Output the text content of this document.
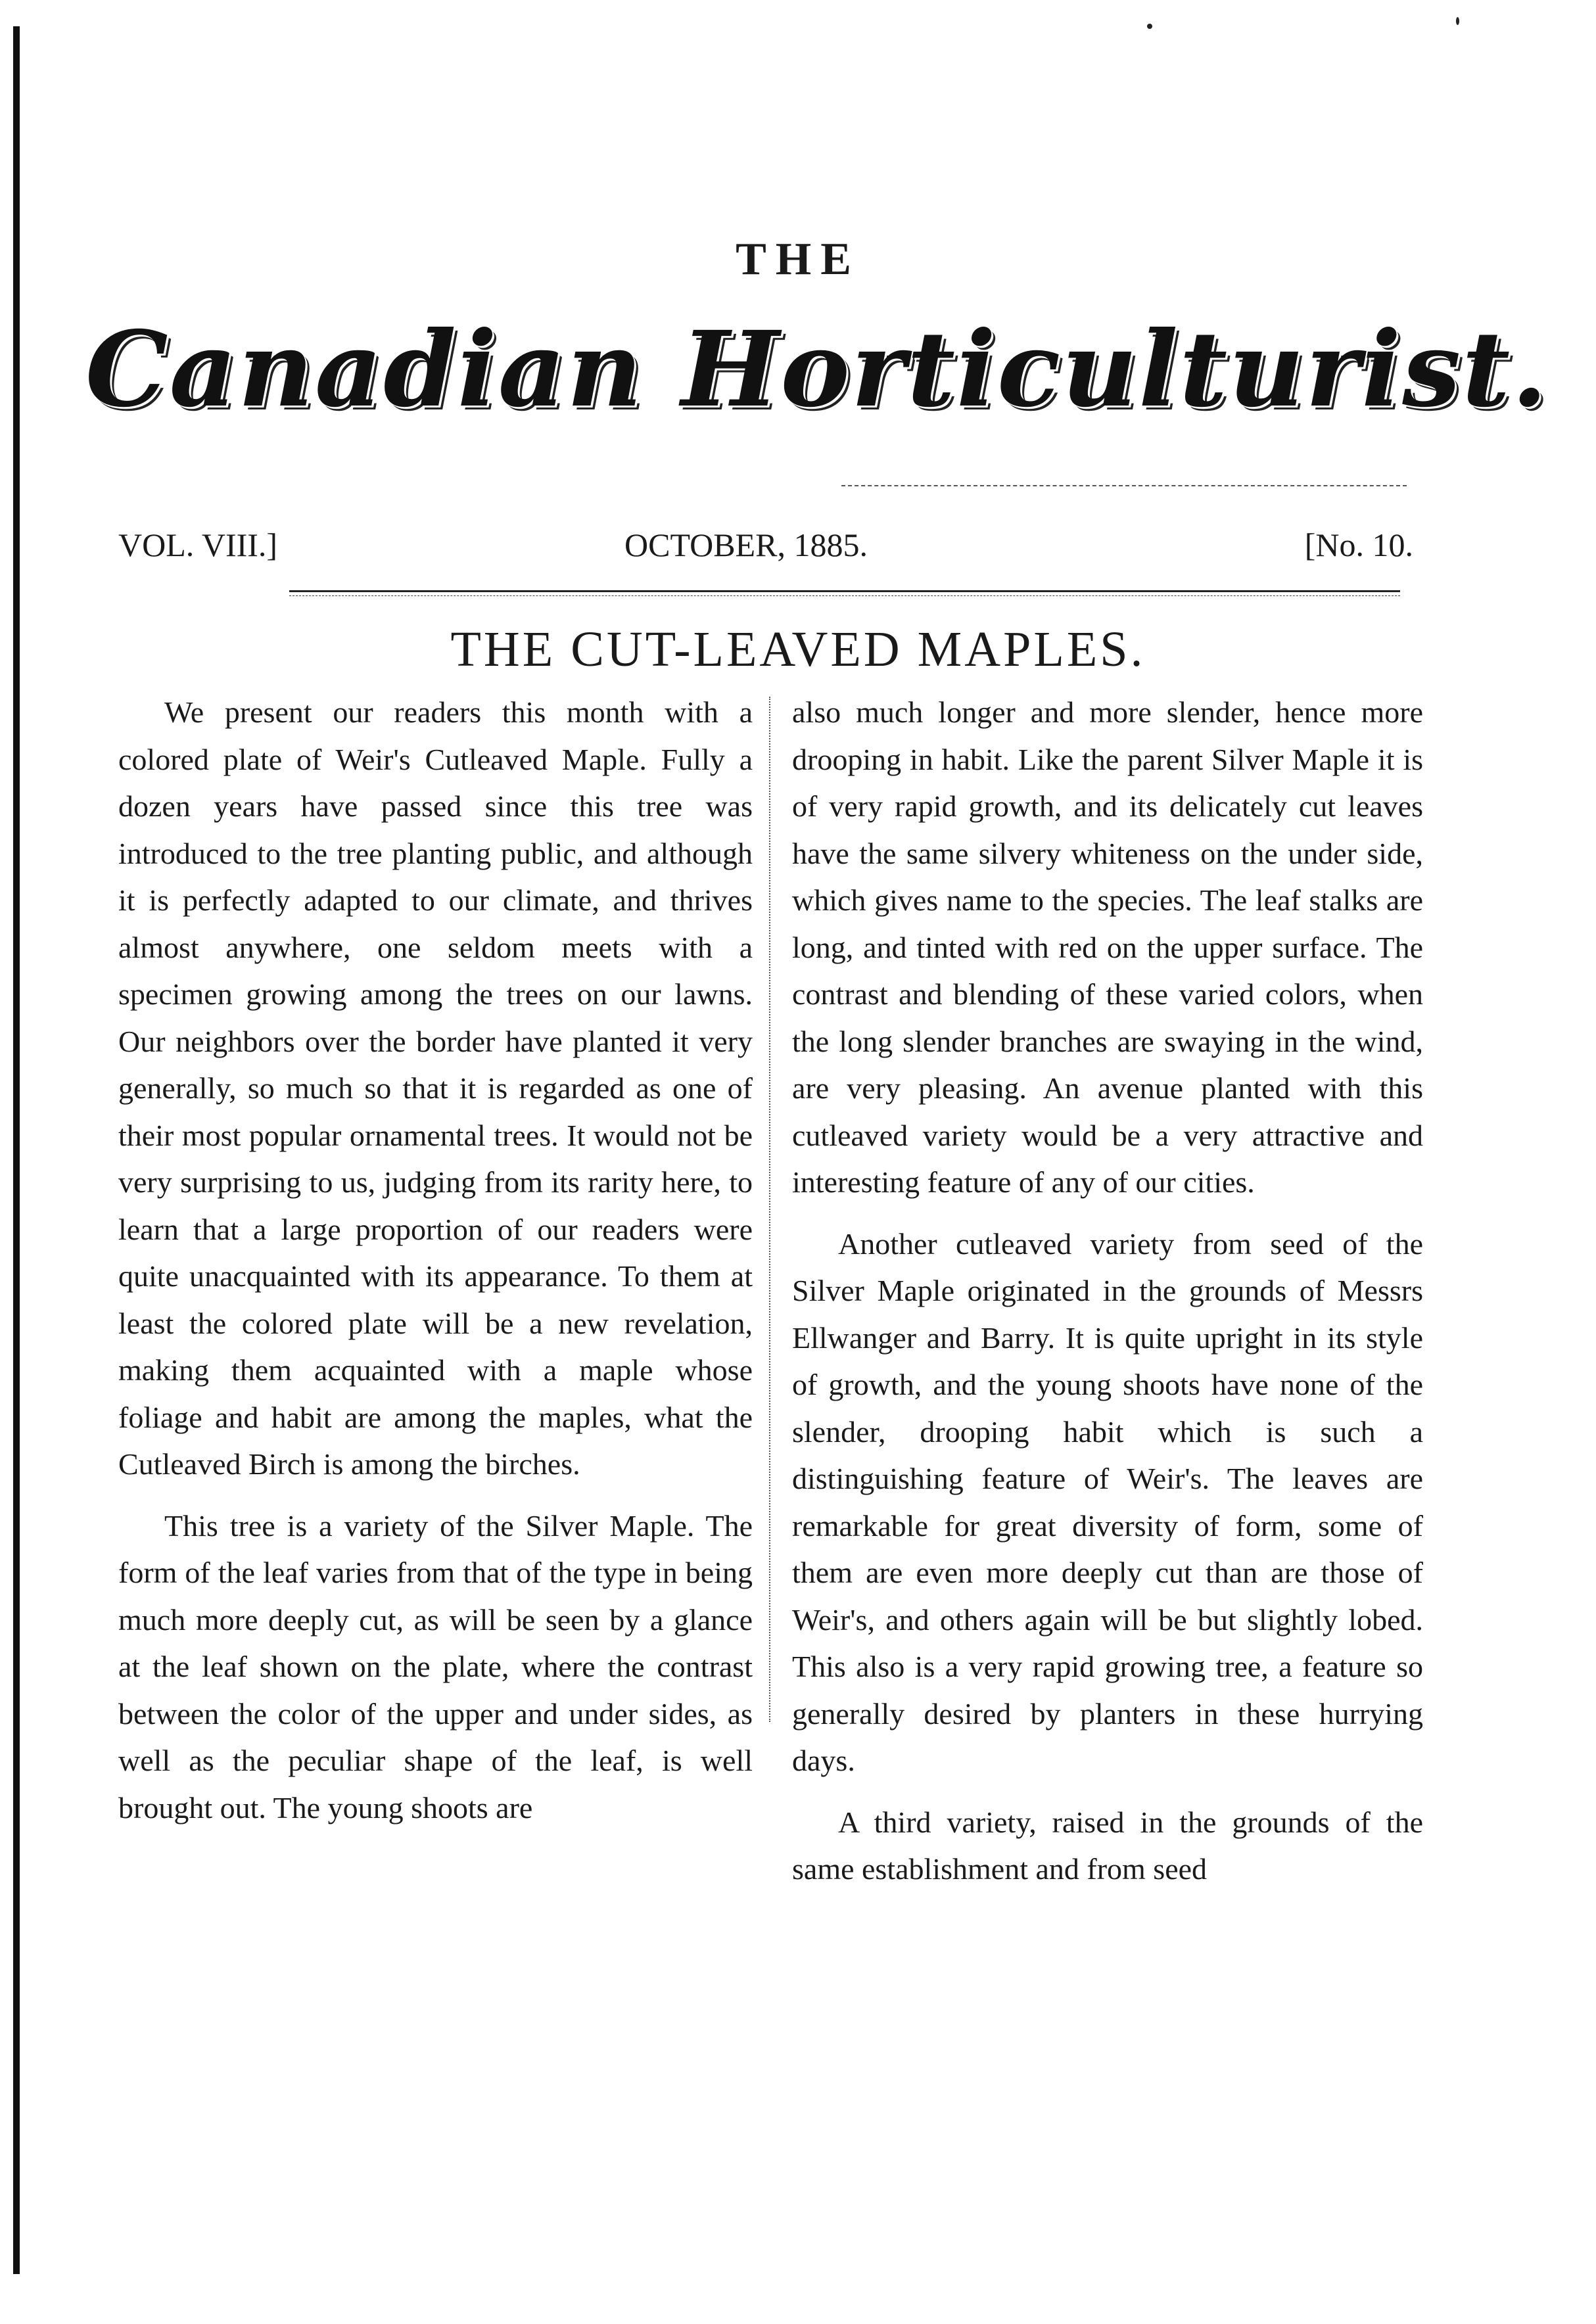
THE
Canadian Horticulturist.
VOL. VIII.]	OCTOBER, 1885.	[No. 10.
THE CUT-LEAVED MAPLES.

We present our readers this month with a colored plate of Weir's Cutleaved Maple. Fully a dozen years have passed since this tree was introduced to the tree planting public, and although it is perfectly adapted to our climate, and thrives almost anywhere, one seldom meets with a specimen growing among the trees on our lawns. Our neighbors over the border have planted it very generally, so much so that it is regarded as one of their most popular ornamental trees. It would not be very surprising to us, judging from its rarity here, to learn that a large proportion of our readers were quite unacquainted with its appearance. To them at least the colored plate will be a new revelation, making them acquainted with a maple whose foliage and habit are among the maples, what the Cutleaved Birch is among the birches.

This tree is a variety of the Silver Maple. The form of the leaf varies from that of the type in being much more deeply cut, as will be seen by a glance at the leaf shown on the plate, where the contrast between the color of the upper and under sides, as well as the peculiar shape of the leaf, is well brought out. The young shoots are

also much longer and more slender, hence more drooping in habit. Like the parent Silver Maple it is of very rapid growth, and its delicately cut leaves have the same silvery whiteness on the under side, which gives name to the species. The leaf stalks are long, and tinted with red on the upper surface. The contrast and blending of these varied colors, when the long slender branches are swaying in the wind, are very pleasing. An avenue planted with this cutleaved variety would be a very attractive and interesting feature of any of our cities.

Another cutleaved variety from seed of the Silver Maple originated in the grounds of Messrs Ellwanger and Barry. It is quite upright in its style of growth, and the young shoots have none of the slender, drooping habit which is such a distinguishing feature of Weir's. The leaves are remarkable for great diversity of form, some of them are even more deeply cut than are those of Weir's, and others again will be but slightly lobed. This also is a very rapid growing tree, a feature so generally desired by planters in these hurrying days.

A third variety, raised in the grounds of the same establishment and from seed
